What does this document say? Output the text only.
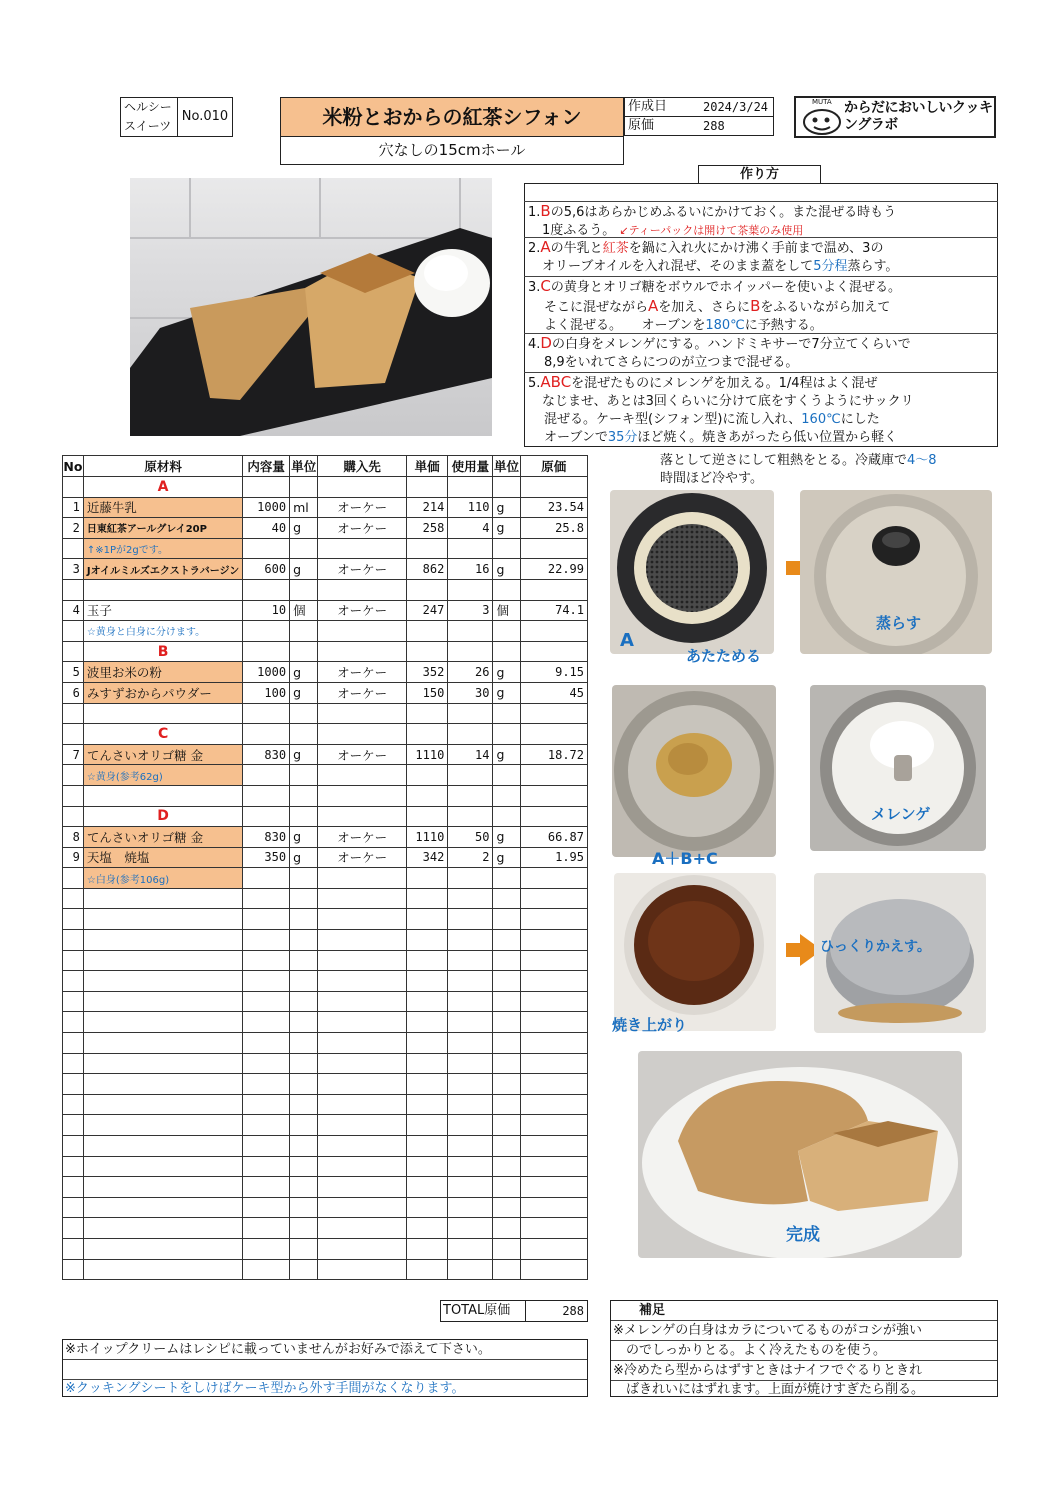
ヘルシー
スイーツ
No.010	米粉とおからの紅茶シフォン
穴なしの15cmホール
作成日	2024/3/24
原価	288
MUTA からだにおいしいクッキングラボ
作り方
1.Bの5,6はあらかじめふるいにかけておく。また混ぜる時もう
1度ふるう。 ↙ティーパックは開けて茶葉のみ使用
2.Aの牛乳と紅茶を鍋に入れ火にかけ沸く手前まで温め、3の
オリーブオイルを入れ混ぜ、そのまま蓋をして5分程蒸らす。
3.Cの黄身とオリゴ糖をボウルでホイッパーを使いよく混ぜる。
そこに混ぜながらAを加え、さらにBをふるいながら加えて
よく混ぜる。　　オーブンを180℃に予熱する。
4.Dの白身をメレンゲにする。ハンドミキサーで7分立てくらいで
8,9をいれてさらにつのが立つまで混ぜる。
5.ABCを混ぜたものにメレンゲを加える。1/4程はよく混ぜ
なじませ、あとは3回くらいに分けて底をすくうようにサックリ
混ぜる。ケーキ型(シフォン型)に流し入れ、160℃にした
オーブンで35分ほど焼く。焼きあがったら低い位置から軽く
落として逆さにして粗熱をとる。冷蔵庫で4～8
時間ほど冷やす。
No	原材料	内容量	単位	購入先	単価	使用量	単位	原価
	A							
1	近藤牛乳	1000	ml	オーケー	214	110	g	23.54
2	日東紅茶アールグレイ20P	40	g	オーケー	258	4	g	25.8
	↑※1Pが2gです。							
3	Jオイルミルズエクストラバージン	600	g	オーケー	862	16	g	22.99

4	玉子	10	個	オーケー	247	3	個	74.1
	☆黄身と白身に分けます。							
	B							
5	波里お米の粉	1000	g	オーケー	352	26	g	9.15
6	みすずおからパウダー	100	g	オーケー	150	30	g	45

	C							
7	てんさいオリゴ糖 金	830	g	オーケー	1110	14	g	18.72
	☆黄身(参考62g)							

	D							
8	てんさいオリゴ糖 金	830	g	オーケー	1110	50	g	66.87
9	天塩　焼塩	350	g	オーケー	342	2	g	1.95
	☆白身(参考106g)							

TOTAL原価	288
※ホイップクリームはレシピに載っていませんがお好みで添えて下さい。
※クッキングシートをしけばケーキ型から外す手間がなくなります。
補足
※メレンゲの白身はカラについてるものがコシが強い
　のでしっかりとる。よく冷えたものを使う。
※冷めたら型からはずすときはナイフでぐるりときれ
　ばきれいにはずれます。上面が焼けすぎたら削る。
A
あたためる
蒸らす
A＋B+C
メレンゲ
焼き上がり
ひっくりかえす。
完成
